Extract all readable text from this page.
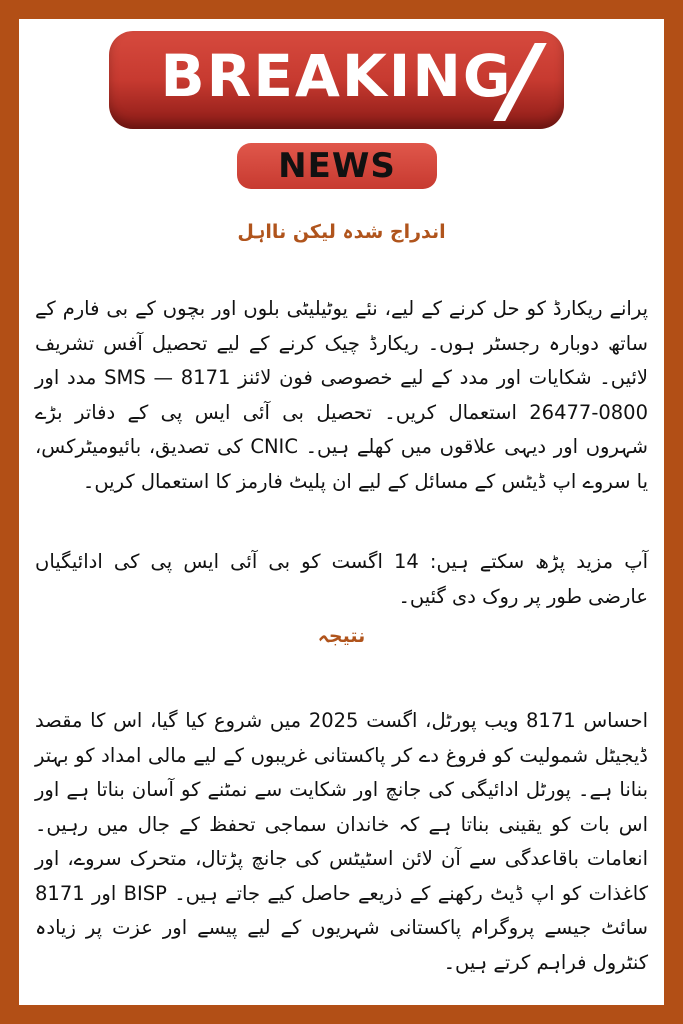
BREAKING
NEWS
اندراج شدہ لیکن نااہل
پرانے ریکارڈ کو حل کرنے کے لیے، نئے یوٹیلیٹی بلوں اور بچوں کے بی فارم کے ساتھ دوبارہ رجسٹر ہوں۔ ریکارڈ چیک کرنے کے لیے تحصیل آفس تشریف لائیں۔ شکایات اور مدد کے لیے خصوصی فون لائنز 8171 — SMS مدد اور 0800-26477 استعمال کریں۔ تحصیل بی آئی ایس پی کے دفاتر بڑے شہروں اور دیہی علاقوں میں کھلے ہیں۔ CNIC کی تصدیق، بائیومیٹرکس، یا سروے اپ ڈیٹس کے مسائل کے لیے ان پلیٹ فارمز کا استعمال کریں۔
آپ مزید پڑھ سکتے ہیں: 14 اگست کو بی آئی ایس پی کی ادائیگیاں عارضی طور پر روک دی گئیں۔
نتیجہ
احساس 8171 ویب پورٹل، اگست 2025 میں شروع کیا گیا، اس کا مقصد ڈیجیٹل شمولیت کو فروغ دے کر پاکستانی غریبوں کے لیے مالی امداد کو بہتر بنانا ہے۔ پورٹل ادائیگی کی جانچ اور شکایت سے نمٹنے کو آسان بناتا ہے اور اس بات کو یقینی بناتا ہے کہ خاندان سماجی تحفظ کے جال میں رہیں۔ انعامات باقاعدگی سے آن لائن اسٹیٹس کی جانچ پڑتال، متحرک سروے، اور کاغذات کو اپ ڈیٹ رکھنے کے ذریعے حاصل کیے جاتے ہیں۔ BISP اور 8171 سائٹ جیسے پروگرام پاکستانی شہریوں کے لیے پیسے اور عزت پر زیادہ کنٹرول فراہم کرتے ہیں۔
